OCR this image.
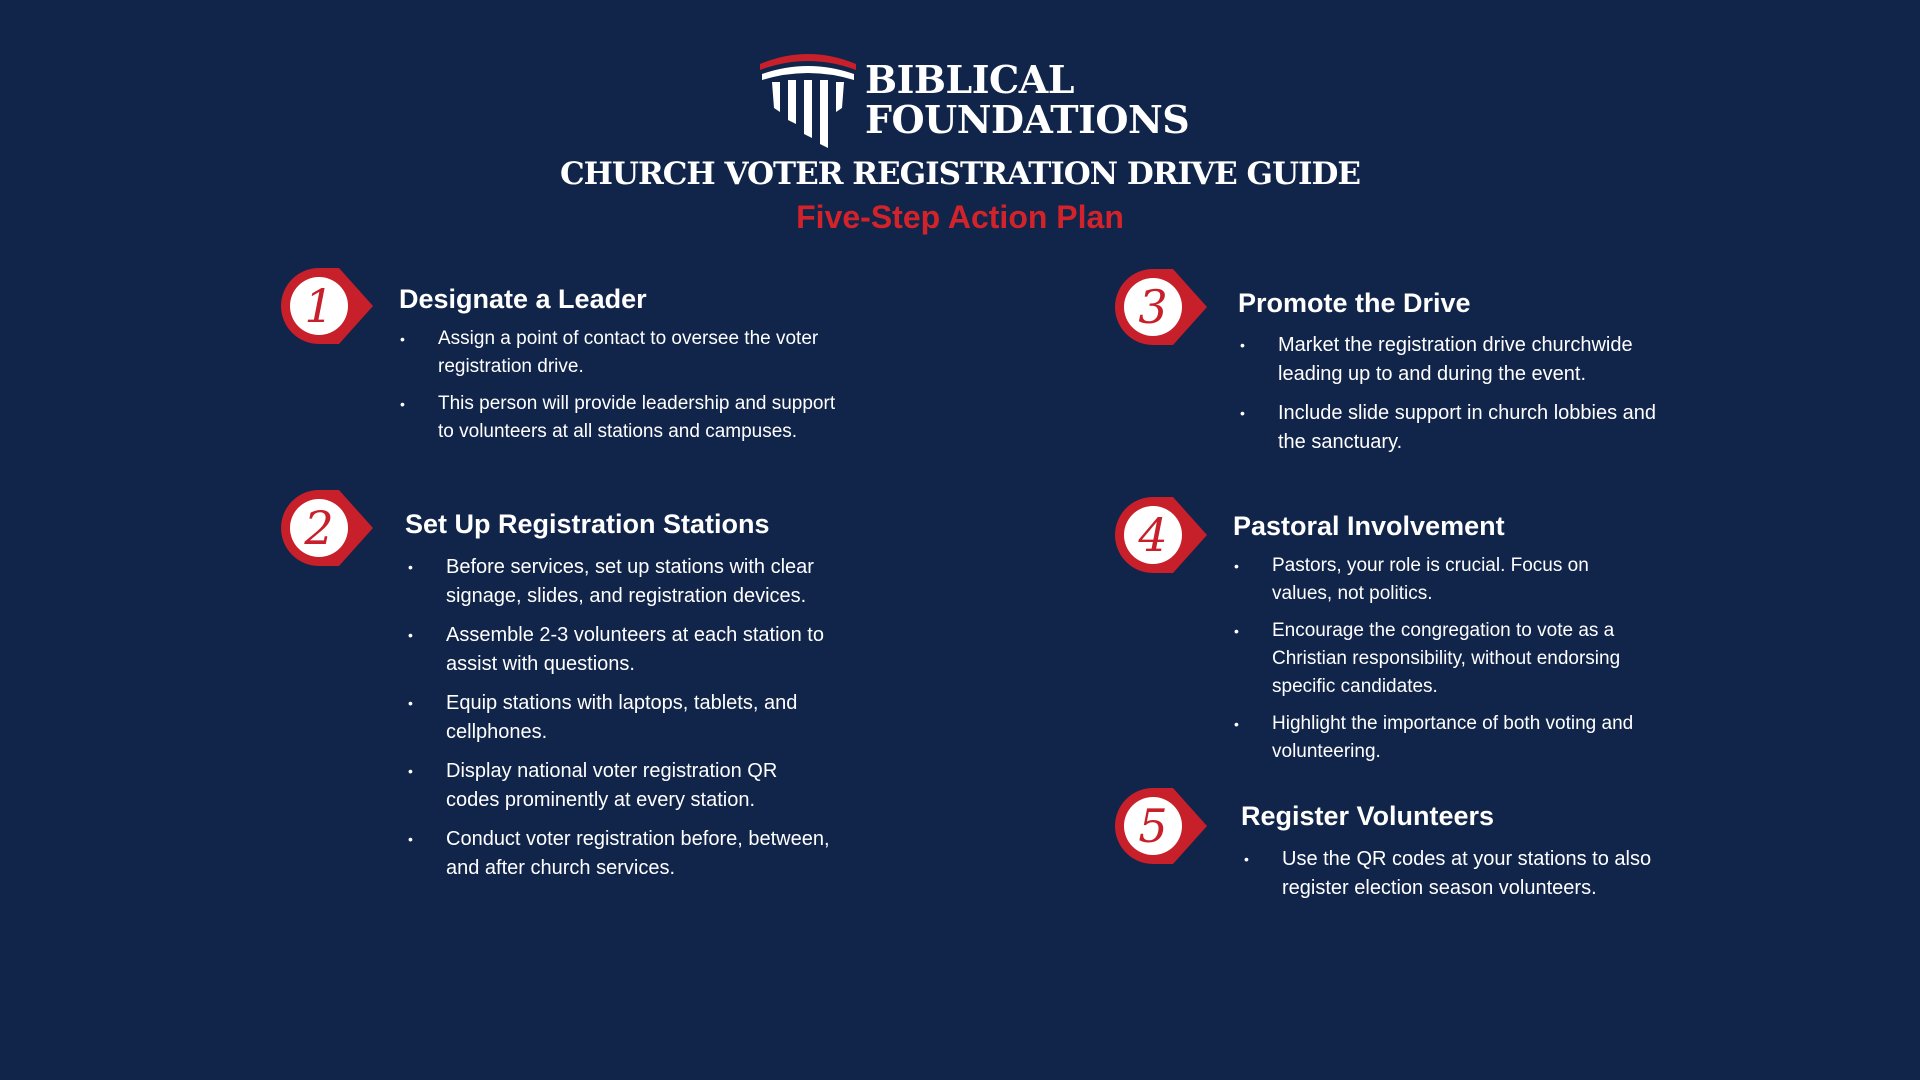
BIBLICAL
FOUNDATIONS
CHURCH VOTER REGISTRATION DRIVE GUIDE
Five-Step Action Plan
1	Designate a Leader
• Assign a point of contact to oversee the voter registration drive.
• This person will provide leadership and support to volunteers at all stations and campuses.
2	Set Up Registration Stations
• Before services, set up stations with clear signage, slides, and registration devices.
• Assemble 2-3 volunteers at each station to assist with questions.
• Equip stations with laptops, tablets, and cellphones.
• Display national voter registration QR codes prominently at every station.
• Conduct voter registration before, between, and after church services.
3	Promote the Drive
• Market the registration drive churchwide leading up to and during the event.
• Include slide support in church lobbies and the sanctuary.
4	Pastoral Involvement
• Pastors, your role is crucial. Focus on values, not politics.
• Encourage the congregation to vote as a Christian responsibility, without endorsing specific candidates.
• Highlight the importance of both voting and volunteering.
5	Register Volunteers
• Use the QR codes at your stations to also register election season volunteers.
